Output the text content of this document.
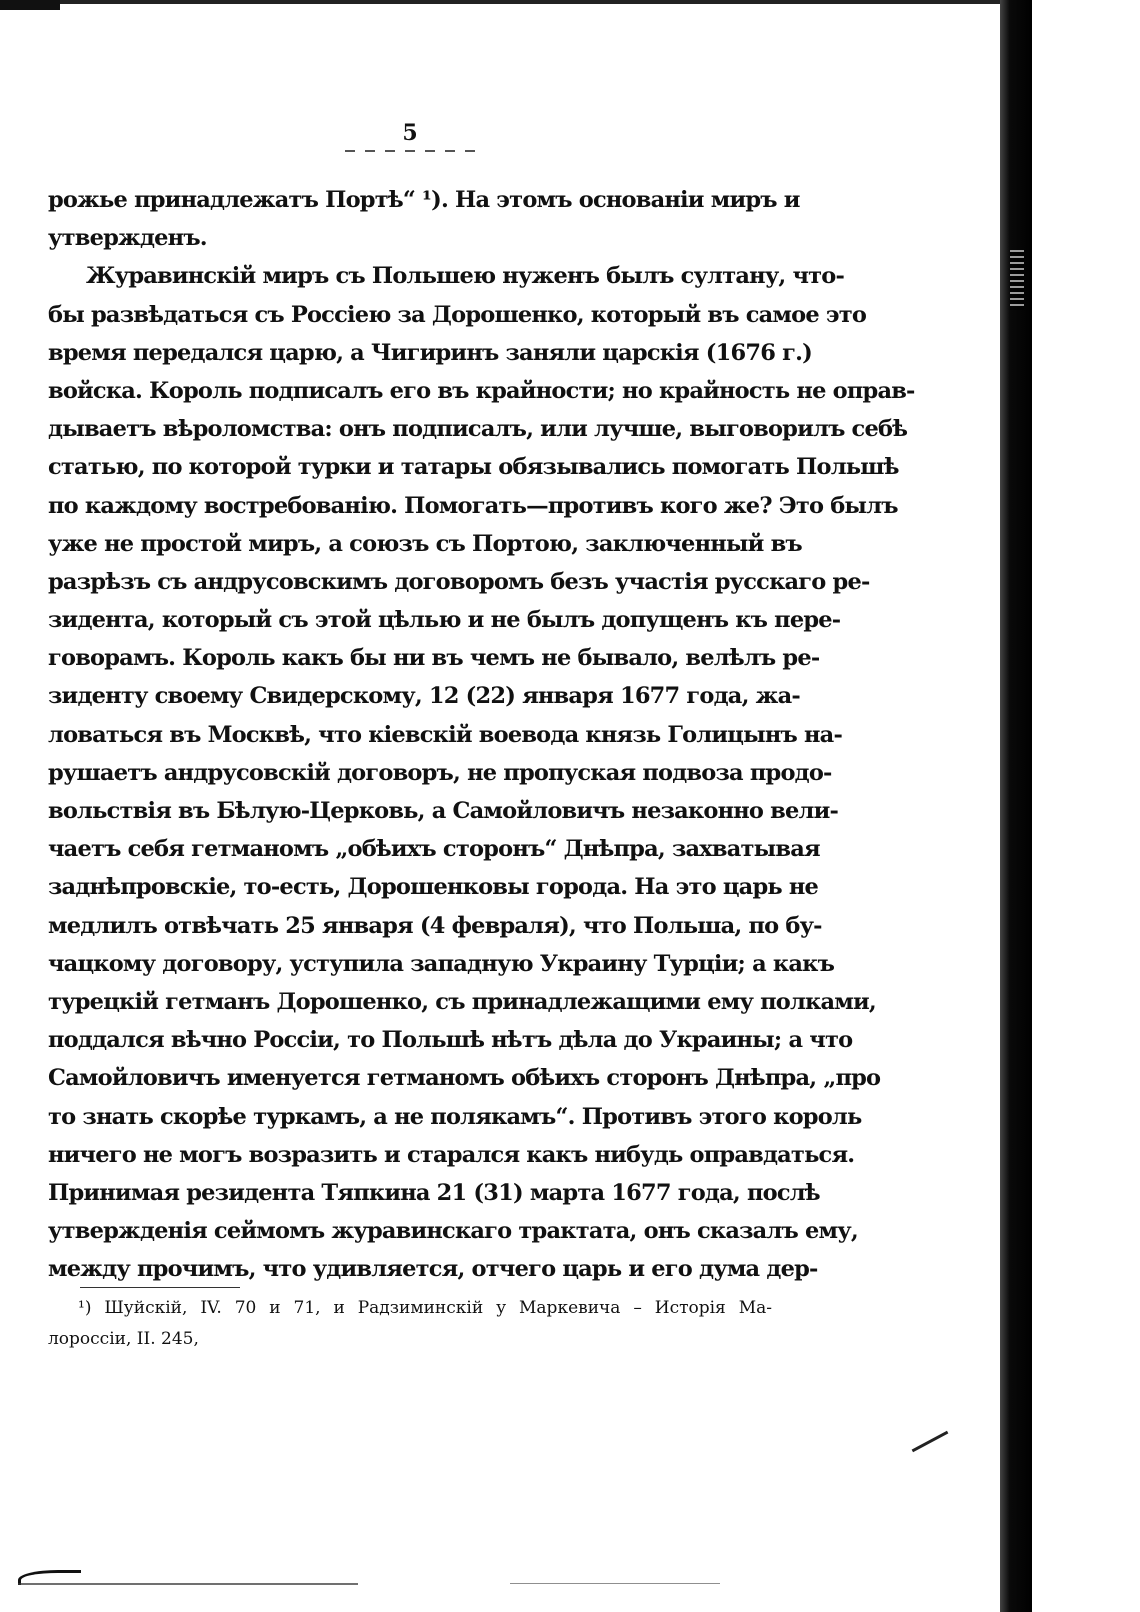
5
рожье принадлежатъ Портѣ“ ¹). На этомъ основаніи миръ и
утвержденъ.
Журавинскій миръ съ Польшею нуженъ былъ султану, что-
бы развѣдаться съ Россіею за Дорошенко, который въ самое это
время передался царю, а Чигиринъ заняли царскія (1676 г.)
войска. Король подписалъ его въ крайности; но крайность не оправ-
дываетъ вѣроломства: онъ подписалъ, или лучше, выговорилъ себѣ
статью, по которой турки и татары обязывались помогать Польшѣ
по каждому востребованію. Помогать—противъ кого же? Это былъ
уже не простой миръ, а союзъ съ Портою, заключенный въ
разрѣзъ съ андрусовскимъ договоромъ безъ участія русскаго ре-
зидента, который съ этой цѣлью и не былъ допущенъ къ пере-
говорамъ. Король какъ бы ни въ чемъ не бывало, велѣлъ ре-
зиденту своему Свидерскому, 12 (22) января 1677 года, жа-
ловаться въ Москвѣ, что кіевскій воевода князь Голицынъ на-
рушаетъ андрусовскій договоръ, не пропуская подвоза продо-
вольствія въ Бѣлую-Церковь, а Самойловичъ незаконно вели-
чаетъ себя гетманомъ „обѣихъ сторонъ“ Днѣпра, захватывая
заднѣпровскіе, то-есть, Дорошенковы города. На это царь не
медлилъ отвѣчать 25 января (4 февраля), что Польша, по бу-
чацкому договору, уступила западную Украину Турціи; а какъ
турецкій гетманъ Дорошенко, съ принадлежащими ему полками,
поддался вѣчно Россіи, то Польшѣ нѣтъ дѣла до Украины; а что
Самойловичъ именуется гетманомъ обѣихъ сторонъ Днѣпра, „про
то знать скорѣе туркамъ, а не полякамъ“. Противъ этого король
ничего не могъ возразить и старался какъ нибудь оправдаться.
Принимая резидента Тяпкина 21 (31) марта 1677 года, послѣ
утвержденія сеймомъ журавинскаго трактата, онъ сказалъ ему,
между прочимъ, что удивляется, отчего царь и его дума дер-
¹) Шуйскій, IV. 70 и 71, и Радзиминскій у Маркевича – Исторія Ма-
лороссіи, II. 245,
